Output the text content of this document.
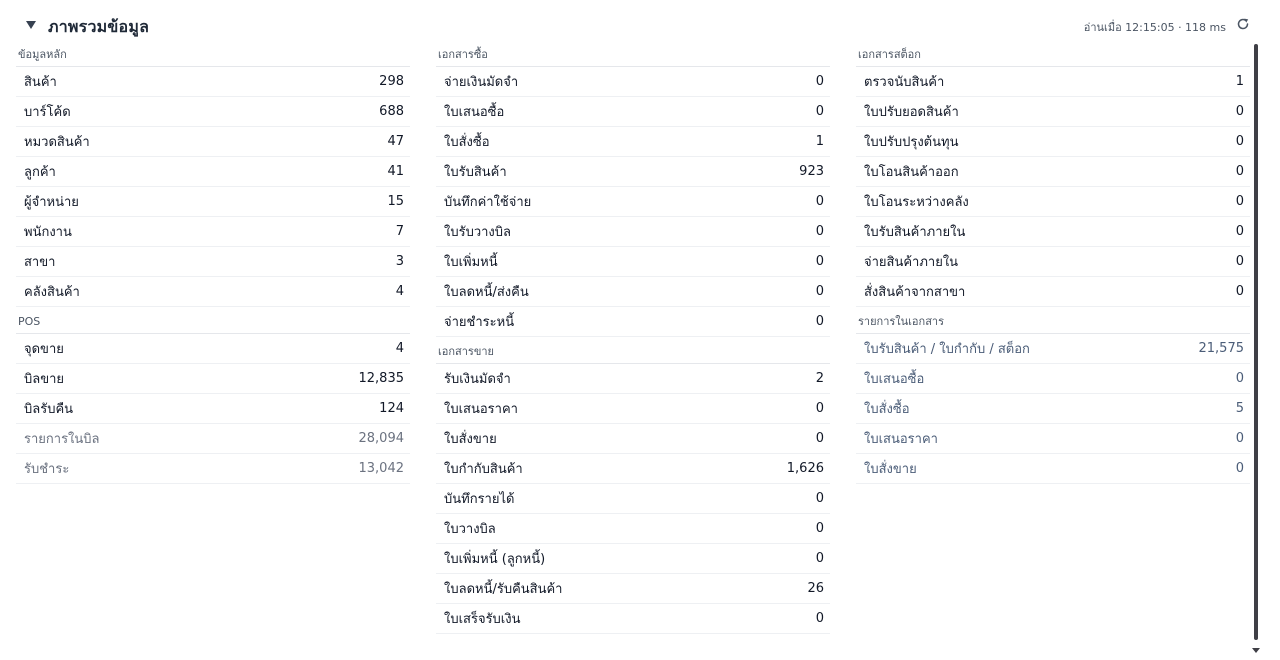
ภาพรวมข้อมูล	อ่านเมื่อ 12:15:05 · 118 ms
ข้อมูลหลัก
สินค้า	298
บาร์โค้ด	688
หมวดสินค้า	47
ลูกค้า	41
ผู้จำหน่าย	15
พนักงาน	7
สาขา	3
คลังสินค้า	4
POS
จุดขาย	4
บิลขาย	12,835
บิลรับคืน	124
รายการในบิล	28,094
รับชำระ	13,042
เอกสารซื้อ
จ่ายเงินมัดจำ	0
ใบเสนอซื้อ	0
ใบสั่งซื้อ	1
ใบรับสินค้า	923
บันทึกค่าใช้จ่าย	0
ใบรับวางบิล	0
ใบเพิ่มหนี้	0
ใบลดหนี้/ส่งคืน	0
จ่ายชำระหนี้	0
เอกสารขาย
รับเงินมัดจำ	2
ใบเสนอราคา	0
ใบสั่งขาย	0
ใบกำกับสินค้า	1,626
บันทึกรายได้	0
ใบวางบิล	0
ใบเพิ่มหนี้ (ลูกหนี้)	0
ใบลดหนี้/รับคืนสินค้า	26
ใบเสร็จรับเงิน	0
เอกสารสต็อก
ตรวจนับสินค้า	1
ใบปรับยอดสินค้า	0
ใบปรับปรุงต้นทุน	0
ใบโอนสินค้าออก	0
ใบโอนระหว่างคลัง	0
ใบรับสินค้าภายใน	0
จ่ายสินค้าภายใน	0
สั่งสินค้าจากสาขา	0
รายการในเอกสาร
ใบรับสินค้า / ใบกำกับ / สต็อก	21,575
ใบเสนอซื้อ	0
ใบสั่งซื้อ	5
ใบเสนอราคา	0
ใบสั่งขาย	0
